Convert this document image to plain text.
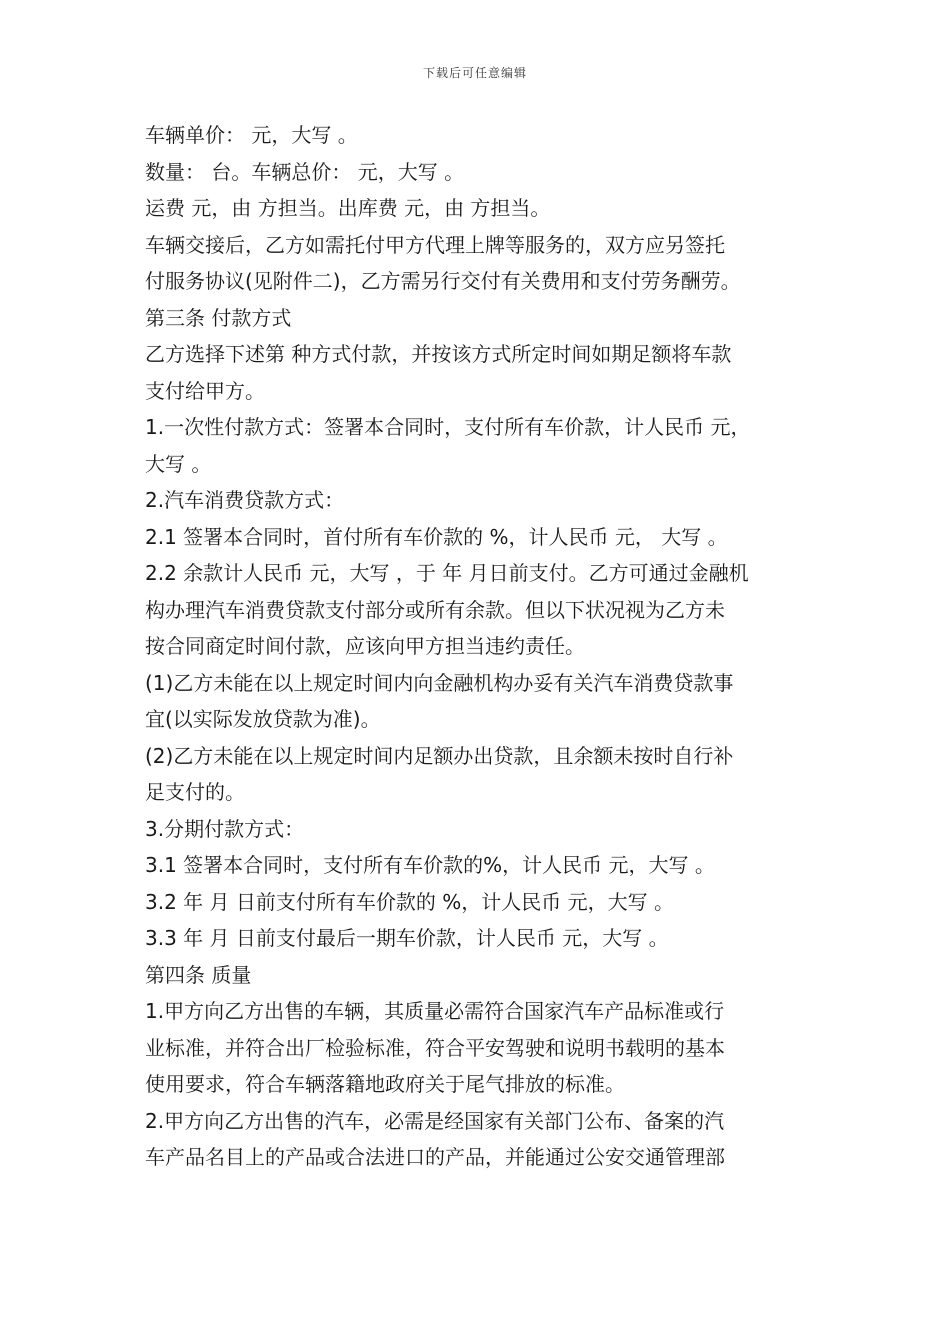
下载后可任意编辑
车辆单价： 元，大写 。
数量： 台。车辆总价： 元，大写 。
运费 元，由 方担当。出库费 元，由 方担当。
车辆交接后，乙方如需托付甲方代理上牌等服务的，双方应另签托
付服务协议(见附件二)，乙方需另行交付有关费用和支付劳务酬劳。
第三条 付款方式
乙方选择下述第 种方式付款，并按该方式所定时间如期足额将车款
支付给甲方。
1.一次性付款方式：签署本合同时，支付所有车价款，计人民币 元，
大写 。
2.汽车消费贷款方式：
2.1 签署本合同时，首付所有车价款的 %，计人民币 元， 大写 。
2.2 余款计人民币 元，大写 ，于 年 月日前支付。乙方可通过金融机
构办理汽车消费贷款支付部分或所有余款。但以下状况视为乙方未
按合同商定时间付款，应该向甲方担当违约责任。
(1)乙方未能在以上规定时间内向金融机构办妥有关汽车消费贷款事
宜(以实际发放贷款为准)。
(2)乙方未能在以上规定时间内足额办出贷款，且余额未按时自行补
足支付的。
3.分期付款方式：
3.1 签署本合同时，支付所有车价款的%，计人民币 元，大写 。
3.2 年 月 日前支付所有车价款的 %，计人民币 元，大写 。
3.3 年 月 日前支付最后一期车价款，计人民币 元，大写 。
第四条 质量
1.甲方向乙方出售的车辆，其质量必需符合国家汽车产品标准或行
业标准，并符合出厂检验标准，符合平安驾驶和说明书载明的基本
使用要求，符合车辆落籍地政府关于尾气排放的标准。
2.甲方向乙方出售的汽车，必需是经国家有关部门公布、备案的汽
车产品名目上的产品或合法进口的产品，并能通过公安交通管理部
